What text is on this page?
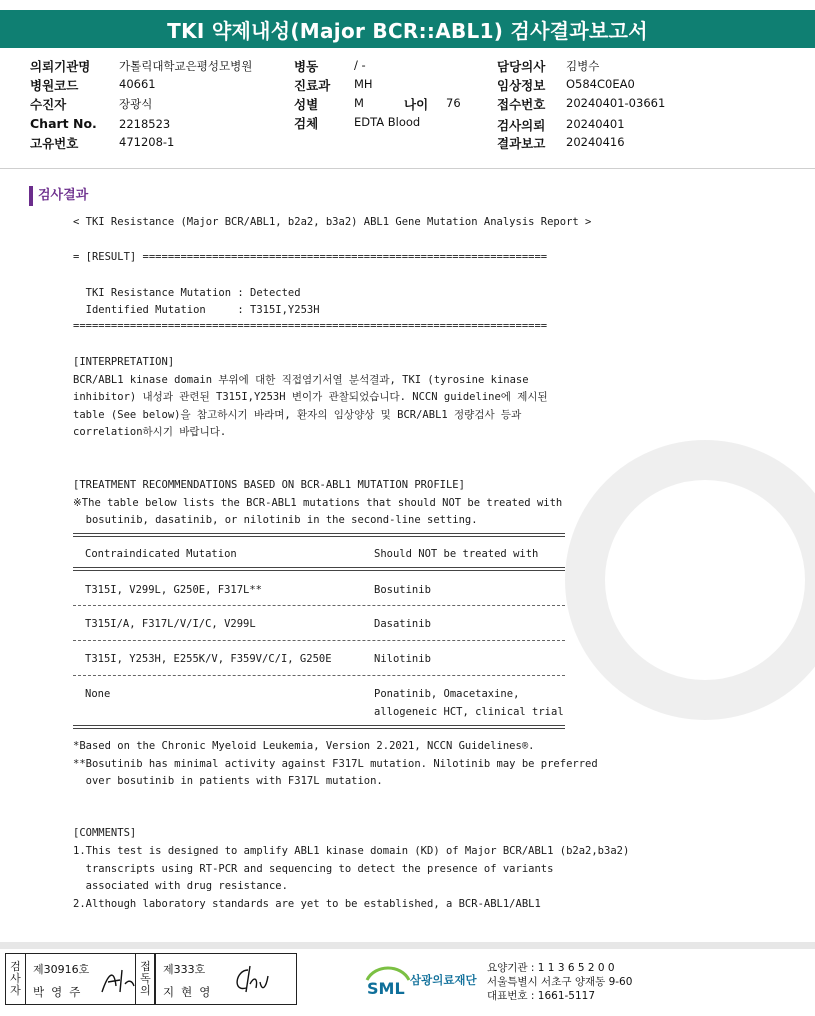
TKI 약제내성(Major BCR::ABL1) 검사결과보고서
의뢰기관명 가톨릭대학교은평성모병원
병원코드	40661
수진자	장광식
Chart No. 2218523
고유번호	471208-1
병동	/ -
진료과 MH
성별	M	나이 76
검체	EDTA Blood
담당의사 김병수
임상정보 O584C0EA0
접수번호 20240401-03661
검사의뢰 20240401
결과보고 20240416
검사결과
< TKI Resistance (Major BCR/ABL1, b2a2, b3a2) ABL1 Gene Mutation Analysis Report >
= [RESULT] ================================================================
TKI Resistance Mutation : Detected
Identified Mutation     : T315I,Y253H
===========================================================================
[INTERPRETATION]
BCR/ABL1 kinase domain 부위에 대한 직접염기서열 분석결과, TKI (tyrosine kinase
inhibitor) 내성과 관련된 T315I,Y253H 변이가 관찰되었습니다. NCCN guideline에 제시된
table (See below)을 참고하시기 바라며, 환자의 임상양상 및 BCR/ABL1 정량검사 등과
correlation하시기 바랍니다.
[TREATMENT RECOMMENDATIONS BASED ON BCR-ABL1 MUTATION PROFILE]
※The table below lists the BCR-ABL1 mutations that should NOT be treated with
bosutinib, dasatinib, or nilotinib in the second-line setting.
Contraindicated Mutation	Should NOT be treated with
T315I, V299L, G250E, F317L**	Bosutinib
T315I/A, F317L/V/I/C, V299L	Dasatinib
T315I, Y253H, E255K/V, F359V/C/I, G250E	Nilotinib
None	Ponatinib, Omacetaxine,
allogeneic HCT, clinical trial
*Based on the Chronic Myeloid Leukemia, Version 2.2021, NCCN Guidelines®.
**Bosutinib has minimal activity against F317L mutation. Nilotinib may be preferred
over bosutinib in patients with F317L mutation.
[COMMENTS]
1.This test is designed to amplify ABL1 kinase domain (KD) of Major BCR/ABL1 (b2a2,b3a2)
transcripts using RT-PCR and sequencing to detect the presence of variants
associated with drug resistance.
2.Although laboratory standards are yet to be established, a BCR-ABL1/ABL1
검
사
자
제30916호
박영주
접
독
의
제333호
지현영	SML 삼광의료재단
요양기관 : 1 1 3 6 5 2 0 0
서울특별시 서초구 양재동 9-60
대표번호 : 1661-5117
